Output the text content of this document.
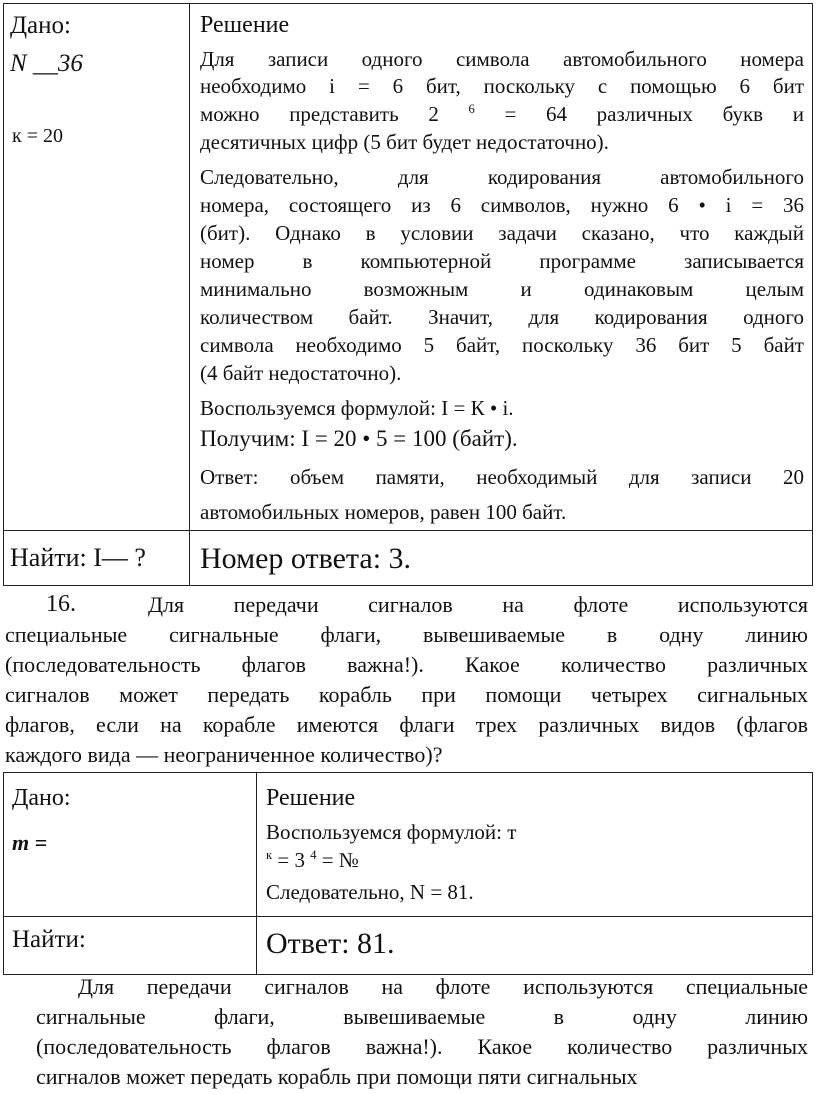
Дано:
N __36
к = 20
Решение
Для записи одного символа автомобильного номера
необходимо i = 6 бит, поскольку с помощью 6 бит
можно представить 2 $^6$ = 64 различных букв и
десятичных цифр (5 бит будет недостаточно).
Следовательно, для кодирования автомобильного
номера, состоящего из 6 символов, нужно 6 • i = 36
(бит). Однако в условии задачи сказано, что каждый
номер в компьютерной программе записывается
минимально возможным и одинаковым целым
количеством байт. Значит, для кодирования одного
символа необходимо 5 байт, поскольку 36 бит 5 байт
(4 байт недостаточно).
Воспользуемся формулой: I = К • i.
Получим: I = 20 • 5 = 100 (байт).
Ответ: объем памяти, необходимый для записи 20
автомобильных номеров, равен 100 байт.
Найти: I— ? Номер ответа: 3.
16.	Для передачи сигналов на флоте используются
специальные сигнальные флаги, вывешиваемые в одну линию
(последовательность флагов важна!). Какое количество различных
сигналов может передать корабль при помощи четырех сигнальных
флагов, если на корабле имеются флаги трех различных видов (флагов
каждого вида — неограниченное количество)?
Дано:
m =
Решение
Воспользуемся формулой: т
$^к$ = 3 $^4$ = №
Следовательно, N = 81.
Найти:	Ответ: 81.
Для передачи сигналов на флоте используются специальные
сигнальные флаги, вывешиваемые в одну линию
(последовательность флагов важна!). Какое количество различных
сигналов может передать корабль при помощи пяти сигнальных
